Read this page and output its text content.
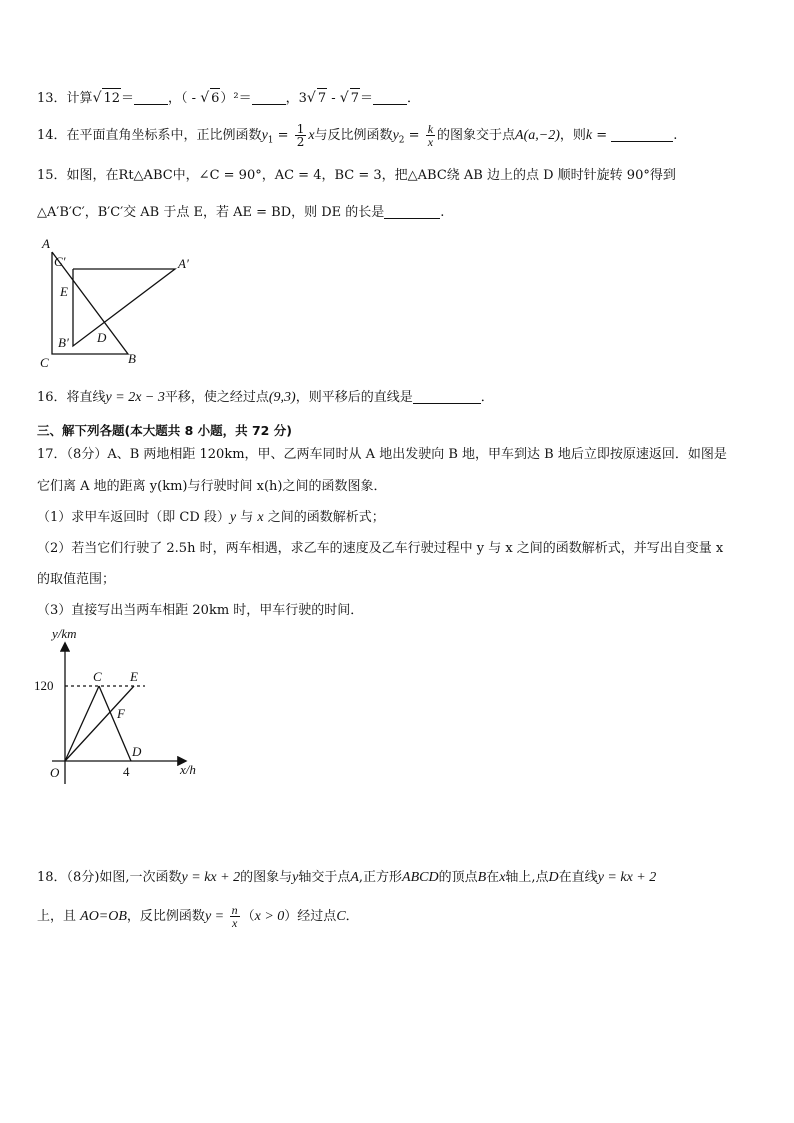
13．计算√ 12＝	，（ - √ 6）²＝	，3√ 7 - √ 7＝	．
14．在平面直角坐标系中，正比例函数$y_1 = \frac{1}{2}$ x与反比例函数$y_2 = \frac{k}{x}$ 的图象交于点A(a,−2)，则k =	.
15．如图，在Rt△ABC中，∠C = 90°，AC = 4，BC = 3，把△ABC绕 AB 边上的点 D 顺时针旋转 90°得到
△A′B′C′，B′C′交 AB 于点 E，若 AE = BD，则 DE 的长是	.
A
C′	A′
E
B′ D
C	B
16．将直线y = 2x − 3平移，使之经过点(9,3)，则平移后的直线是	．
三、解下列各题(本大题共 8 小题，共 72 分)
17．（8分）A、B 两地相距 120km，甲、乙两车同时从 A 地出发驶向 B 地，甲车到达 B 地后立即按原速返回．如图是
它们离 A 地的距离 y(km)与行驶时间 x(h)之间的函数图象．
（1）求甲车返回时（即 CD 段）y 与 x 之间的函数解析式；
（2）若当它们行驶了 2.5h 时，两车相遇，求乙车的速度及乙车行驶过程中 y 与 x 之间的函数解析式，并写出自变量 x
的取值范围；
（3）直接写出当两车相距 20km 时，甲车行驶的时间．
y/km
x/h
120
4
O
C E
F
D
18．（8分)如图,一次函数y = kx + 2的图象与y轴交于点A,正方形ABCD的顶点B在x轴上,点D在直线y = kx + 2
上，且 AO=OB，反比例函数$y = \frac{n}{x} (x > 0)$经过点C．
